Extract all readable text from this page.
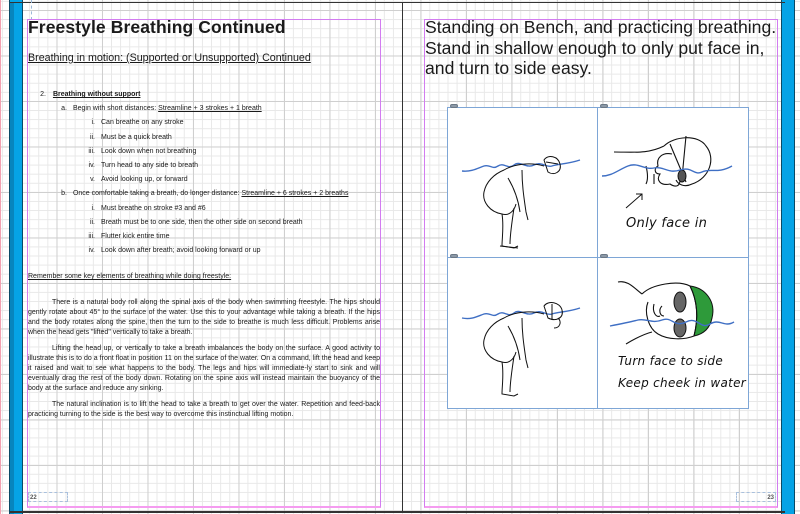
Freestyle Breathing Continued
Breathing in motion: (Supported or Unsupported) Continued
2. Breathing without support
a. Begin with short distances: Streamline + 3 strokes + 1 breath
i. Can breathe on any stroke
ii. Must be a quick breath
iii. Look down when not breathing
iv. Turn head to any side to breath
v. Avoid looking up, or forward
b. Once comfortable taking a breath, do longer distance: Streamline + 6 strokes + 2 breaths
i. Must breathe on stroke #3 and #6
ii. Breath must be to one side, then the other side on second breath
iii. Flutter kick entire time
iv. Look down after breath; avoid looking forward or up
Remember some key elements of breathing while doing freestyle:
There is a natural body roll along the spinal axis of the body when swimming freestyle. The hips should gently rotate about 45° to the surface of the water. Use this to your advantage while taking a breath. If the hips and the body rotates along the spine, then the turn to the side to breathe is much less difficult. Problems arise when the head gets "lifted" vertically to take a breath.
Lifting the head up, or vertically to take a breath imbalances the body on the surface. A good activity to illustrate this is to do a front float in position 11 on the surface of the water. On a command, lift the head and keep it raised and wait to see what happens to the body. The legs and hips will immediate-ly start to sink and will eventually drag the rest of the body down. Rotating on the spine axis will instead maintain the buoyancy of the body at the surface and reduce any sinking.
The natural inclination is to lift the head to take a breath to get over the water. Repetition and feed-back practicing turning to the side is the best way to overcome this instinctual lifting motion.
22
Standing on Bench, and practicing breathing.
Stand in shallow enough to only put face in,
and turn to side easy.
Only face in
Turn face to side
Keep cheek in water
23
